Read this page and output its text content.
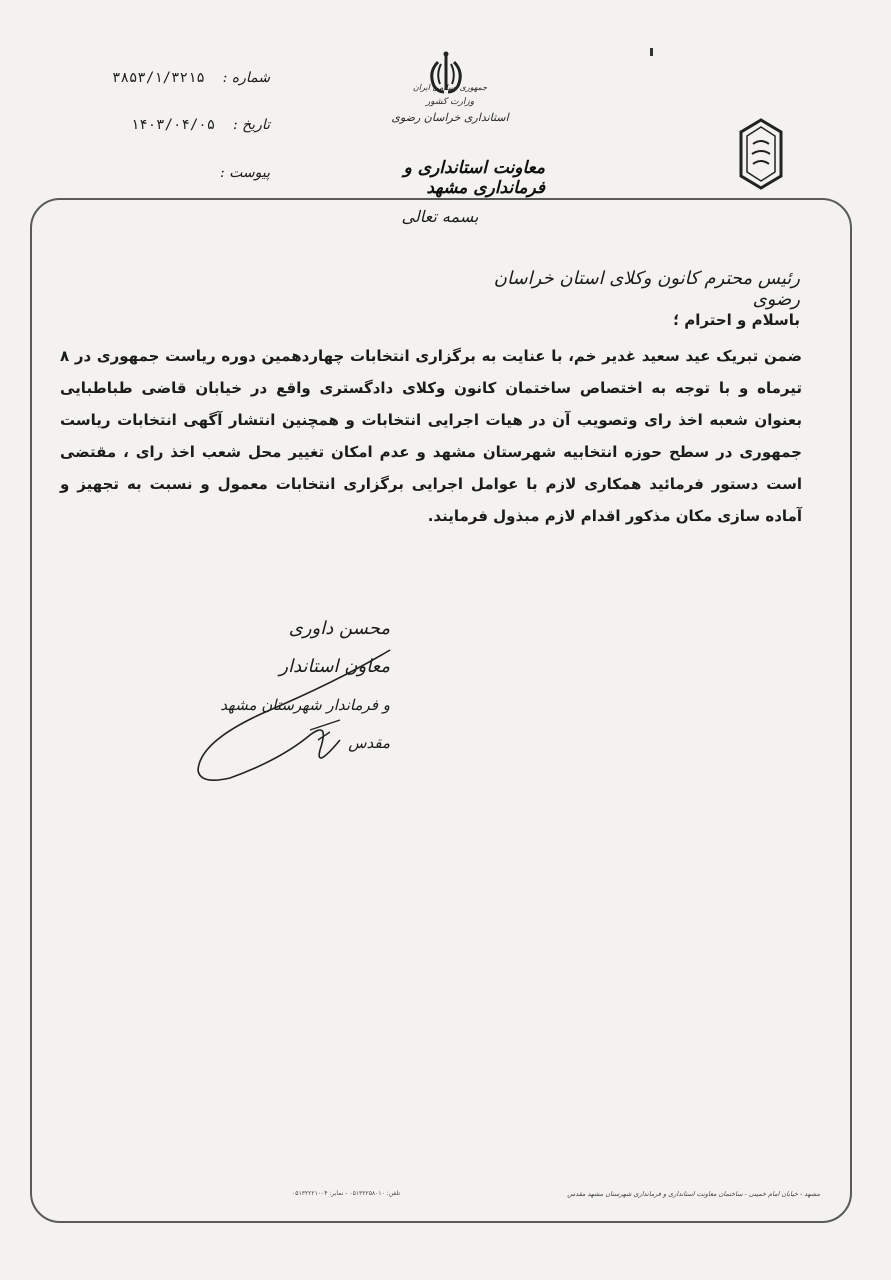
جمهوری اسلامی ایران
وزارت کشور
استانداری خراسان رضوی
معاونت استانداری و فرمانداری مشهد
شماره :    ۳۸۵۳/۱/۳۲۱۵
تاریخ :    ۱۴۰۳/۰۴/۰۵
پیوست :
بسمه تعالی
رئیس محترم کانون وکلای استان خراسان رضوی
باسلام و احترام ؛
ضمن تبریک عید سعید غدیر خم، با عنایت به برگزاری انتخابات چهاردهمین دوره ریاست جمهوری در ۸ تیرماه و با توجه به اختصاص ساختمان کانون وکلای دادگستری واقع در خیابان قاضی طباطبایی بعنوان شعبه اخذ رای وتصویب آن در هیات اجرایی انتخابات و همچنین انتشار آگهی انتخابات ریاست جمهوری در سطح حوزه انتخابیه شهرستان مشهد و عدم امکان تغییر محل شعب اخذ رای ، مقتضی است دستور فرمائید همکاری لازم با عوامل اجرایی برگزاری انتخابات معمول و نسبت به تجهیز و آماده سازی مکان مذکور اقدام لازم مبذول فرمایند.
محسن داوری
معاون استاندار
و فرماندار شهرستان مشهد مقدس
تلفن: ۰۵۱۳۲۲۵۸۰۱۰ - نمابر: ۰۵۱۳۲۲۲۱۰۰۴	مشهد - خیابان امام خمینی - ساختمان معاونت استانداری و فرمانداری شهرستان مشهد مقدس
